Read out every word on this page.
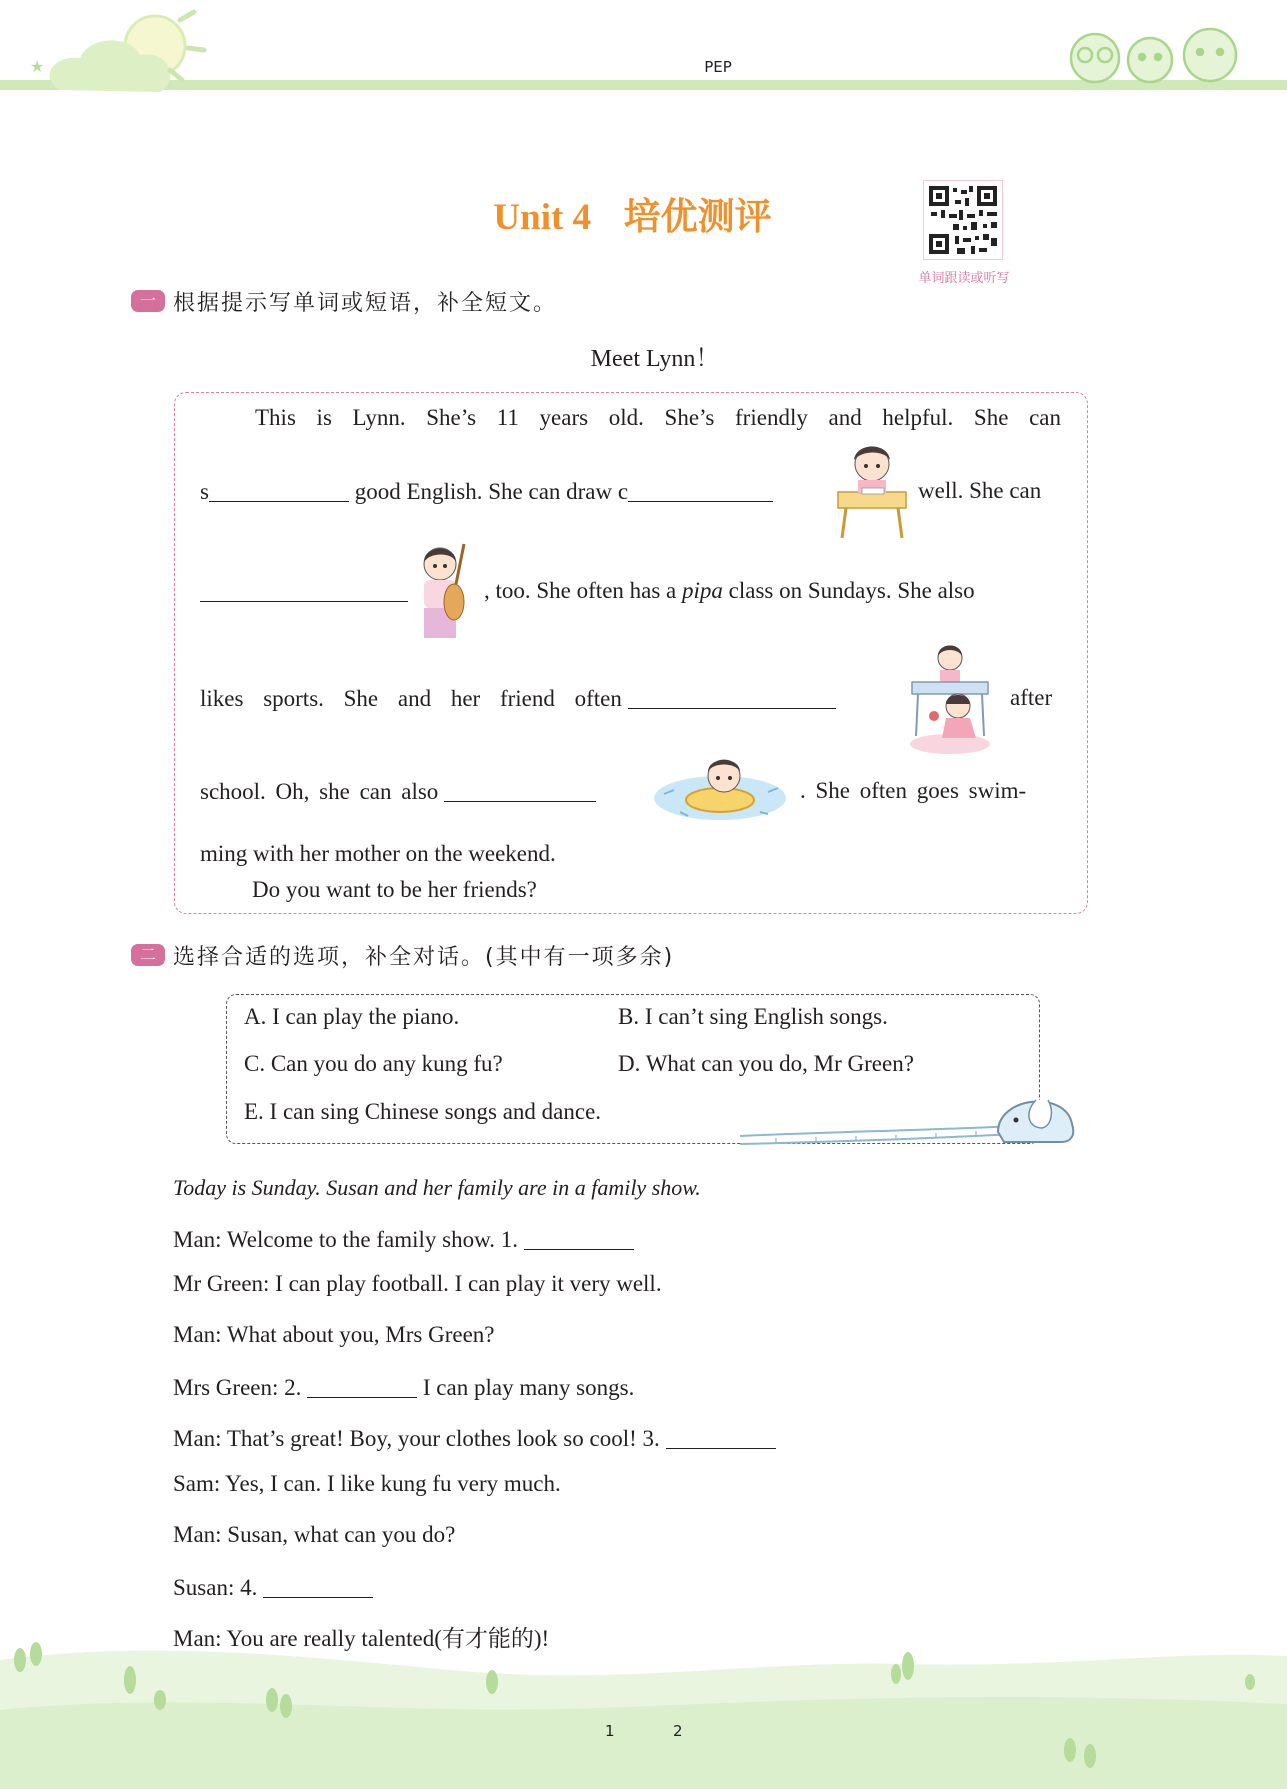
★	PEP
Unit 4 培优测评
单词跟读或听写
一 根据提示写单词或短语，补全短文。
Meet Lynn！
This is Lynn. She’s 11 years old. She’s friendly and helpful. She can
s	good English. She can draw c	well. She can
, too. She often has a pipa class on Sundays. She also
likes sports. She and her friend often	after
school. Oh, she can also	. She often goes swim-
ming with her mother on the weekend.
Do you want to be her friends?
二 选择合适的选项，补全对话。(其中有一项多余)
A. I can play the piano.	B. I can’t sing English songs.
C. Can you do any kung fu?	D. What can you do, Mr Green?
E. I can sing Chinese songs and dance.
Today is Sunday. Susan and her family are in a family show.
Man: Welcome to the family show. 1.
Mr Green: I can play football. I can play it very well.
Man: What about you, Mrs Green?
Mrs Green: 2.	I can play many songs.
Man: That’s great! Boy, your clothes look so cool! 3.
Sam: Yes, I can. I like kung fu very much.
Man: Susan, what can you do?
Susan: 4.
Man: You are really talented(有才能的)!
1	2
